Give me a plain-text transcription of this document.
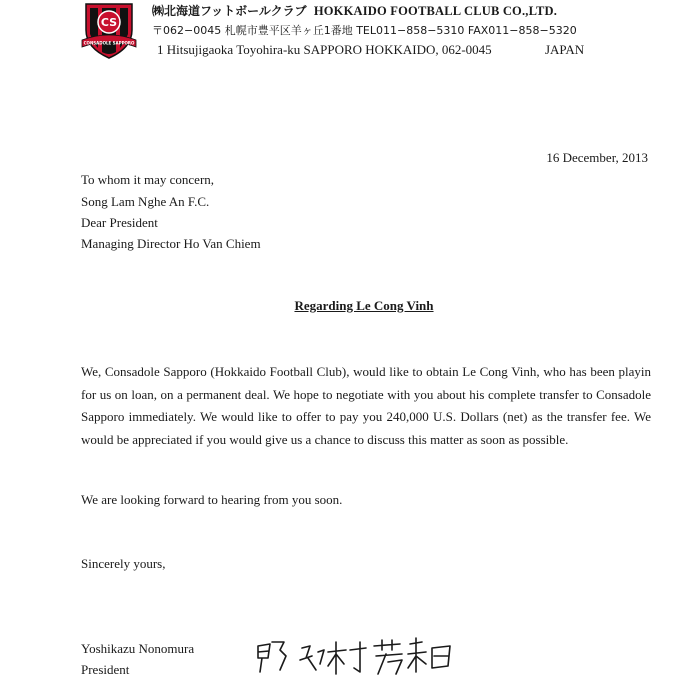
CS
CONSADOLE SAPPORO
㈱北海道フットボールクラブ HOKKAIDO FOOTBALL CLUB CO.,LTD.
〒062−0045 札幌市豊平区羊ヶ丘1番地 TEL011−858−5310 FAX011−858−5320
1 Hitsujigaoka Toyohira-ku SAPPORO HOKKAIDO, 062-0045	JAPAN
16 December, 2013
To whom it may concern,
Song Lam Nghe An F.C.
Dear President
Managing Director Ho Van Chiem
Regarding Le Cong Vinh

We, Consadole Sapporo (Hokkaido Football Club), would like to obtain Le Cong Vinh, who has been playin for us on loan, on a permanent deal. We hope to negotiate with you about his complete transfer to Consadole Sapporo immediately. We would like to offer to pay you 240,000 U.S. Dollars (net) as the transfer fee. We would be appreciated if you would give us a chance to discuss this matter as soon as possible.

We are looking forward to hearing from you soon.

Sincerely yours,
Yoshikazu Nonomura
President
